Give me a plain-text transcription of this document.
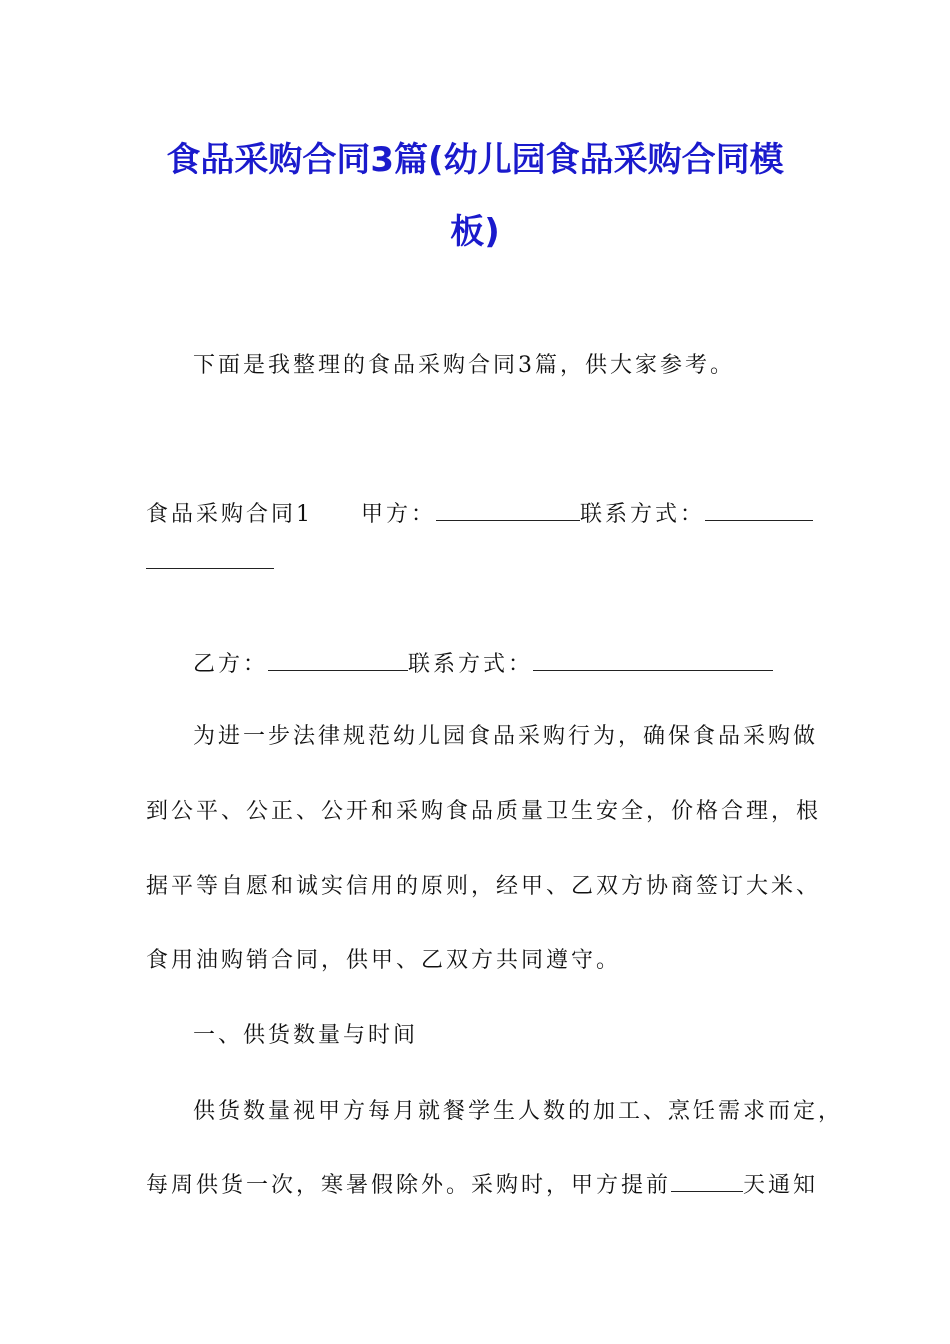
食品采购合同3篇(幼儿园食品采购合同模
板)

下面是我整理的食品采购合同3篇，供大家参考。

食品采购合同1 甲方：	联系方式：

乙方：	联系方式：

为进一步法律规范幼儿园食品采购行为，确保食品采购做

到公平、公正、公开和采购食品质量卫生安全，价格合理，根

据平等自愿和诚实信用的原则，经甲、乙双方协商签订大米、

食用油购销合同，供甲、乙双方共同遵守。

一、供货数量与时间

供货数量视甲方每月就餐学生人数的加工、烹饪需求而定，

每周供货一次，寒暑假除外。采购时，甲方提前	天通知
